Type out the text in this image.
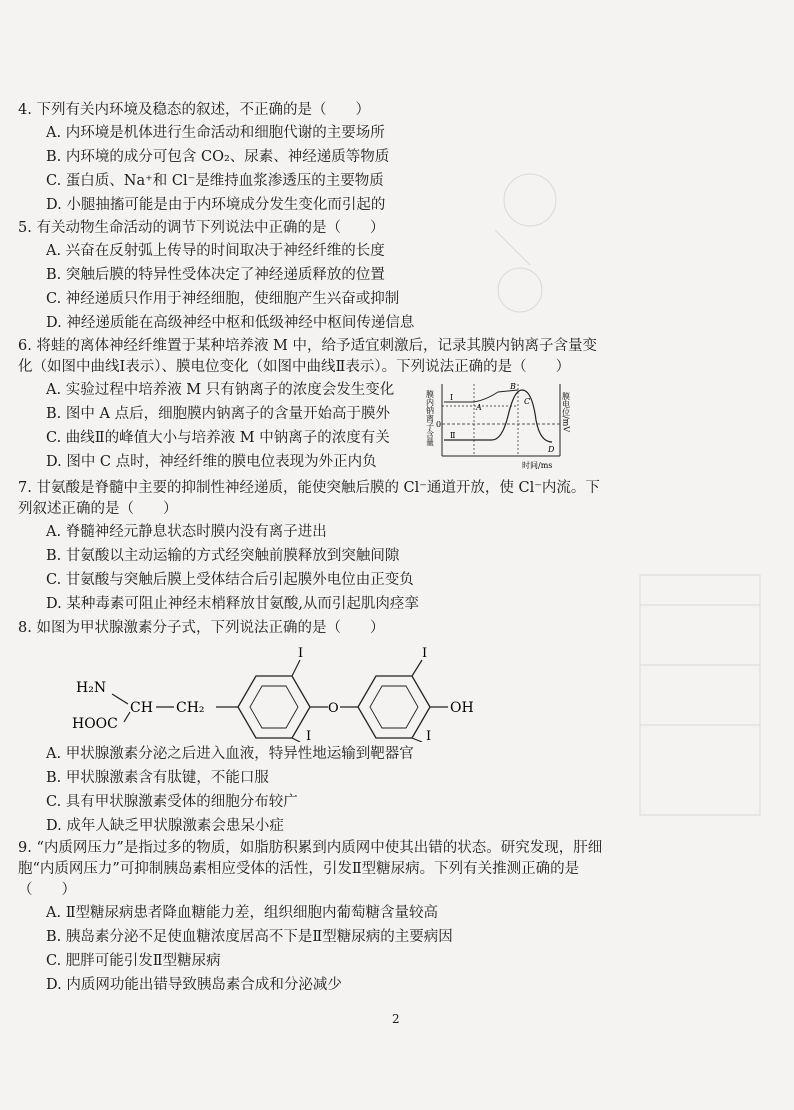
4. 下列有关内环境及稳态的叙述，不正确的是（　　）
A. 内环境是机体进行生命活动和细胞代谢的主要场所
B. 内环境的成分可包含 CO₂、尿素、神经递质等物质
C. 蛋白质、Na⁺和 Cl⁻是维持血浆渗透压的主要物质
D. 小腿抽搐可能是由于内环境成分发生变化而引起的
5. 有关动物生命活动的调节下列说法中正确的是（　　）
A. 兴奋在反射弧上传导的时间取决于神经纤维的长度
B. 突触后膜的特异性受体决定了神经递质释放的位置
C. 神经递质只作用于神经细胞，使细胞产生兴奋或抑制
D. 神经递质能在高级神经中枢和低级神经中枢间传递信息
6. 将蛙的离体神经纤维置于某种培养液 M 中，给予适宜刺激后，记录其膜内钠离子含量变
化（如图中曲线Ⅰ表示）、膜电位变化（如图中曲线Ⅱ表示）。下列说法正确的是（　　）
A. 实验过程中培养液 M 只有钠离子的浓度会发生变化
B. 图中 A 点后，细胞膜内钠离子的含量开始高于膜外
C. 曲线Ⅱ的峰值大小与培养液 M 中钠离子的浓度有关
D. 图中 C 点时，神经纤维的膜电位表现为外正内负
膜内钠离子含量	膜电位/mV
0
Ⅰ
Ⅱ
A
B
C
D
时间/ms
7. 甘氨酸是脊髓中主要的抑制性神经递质，能使突触后膜的 Cl⁻通道开放，使 Cl⁻内流。下
列叙述正确的是（　　）
A. 脊髓神经元静息状态时膜内没有离子进出
B. 甘氨酸以主动运输的方式经突触前膜释放到突触间隙
C. 甘氨酸与突触后膜上受体结合后引起膜外电位由正变负
D. 某种毒素可阻止神经末梢释放甘氨酸,从而引起肌肉痉挛
8. 如图为甲状腺激素分子式，下列说法正确的是（　　）
H₂N
HOOC
CH CH₂
I
I
O
I
I
OH
A. 甲状腺激素分泌之后进入血液，特异性地运输到靶器官
B. 甲状腺激素含有肽键，不能口服
C. 具有甲状腺激素受体的细胞分布较广
D. 成年人缺乏甲状腺激素会患呆小症
9. “内质网压力”是指过多的物质，如脂肪积累到内质网中使其出错的状态。研究发现，肝细
胞“内质网压力”可抑制胰岛素相应受体的活性，引发Ⅱ型糖尿病。下列有关推测正确的是
（　　）
A. Ⅱ型糖尿病患者降血糖能力差，组织细胞内葡萄糖含量较高
B. 胰岛素分泌不足使血糖浓度居高不下是Ⅱ型糖尿病的主要病因
C. 肥胖可能引发Ⅱ型糖尿病
D. 内质网功能出错导致胰岛素合成和分泌减少
2
